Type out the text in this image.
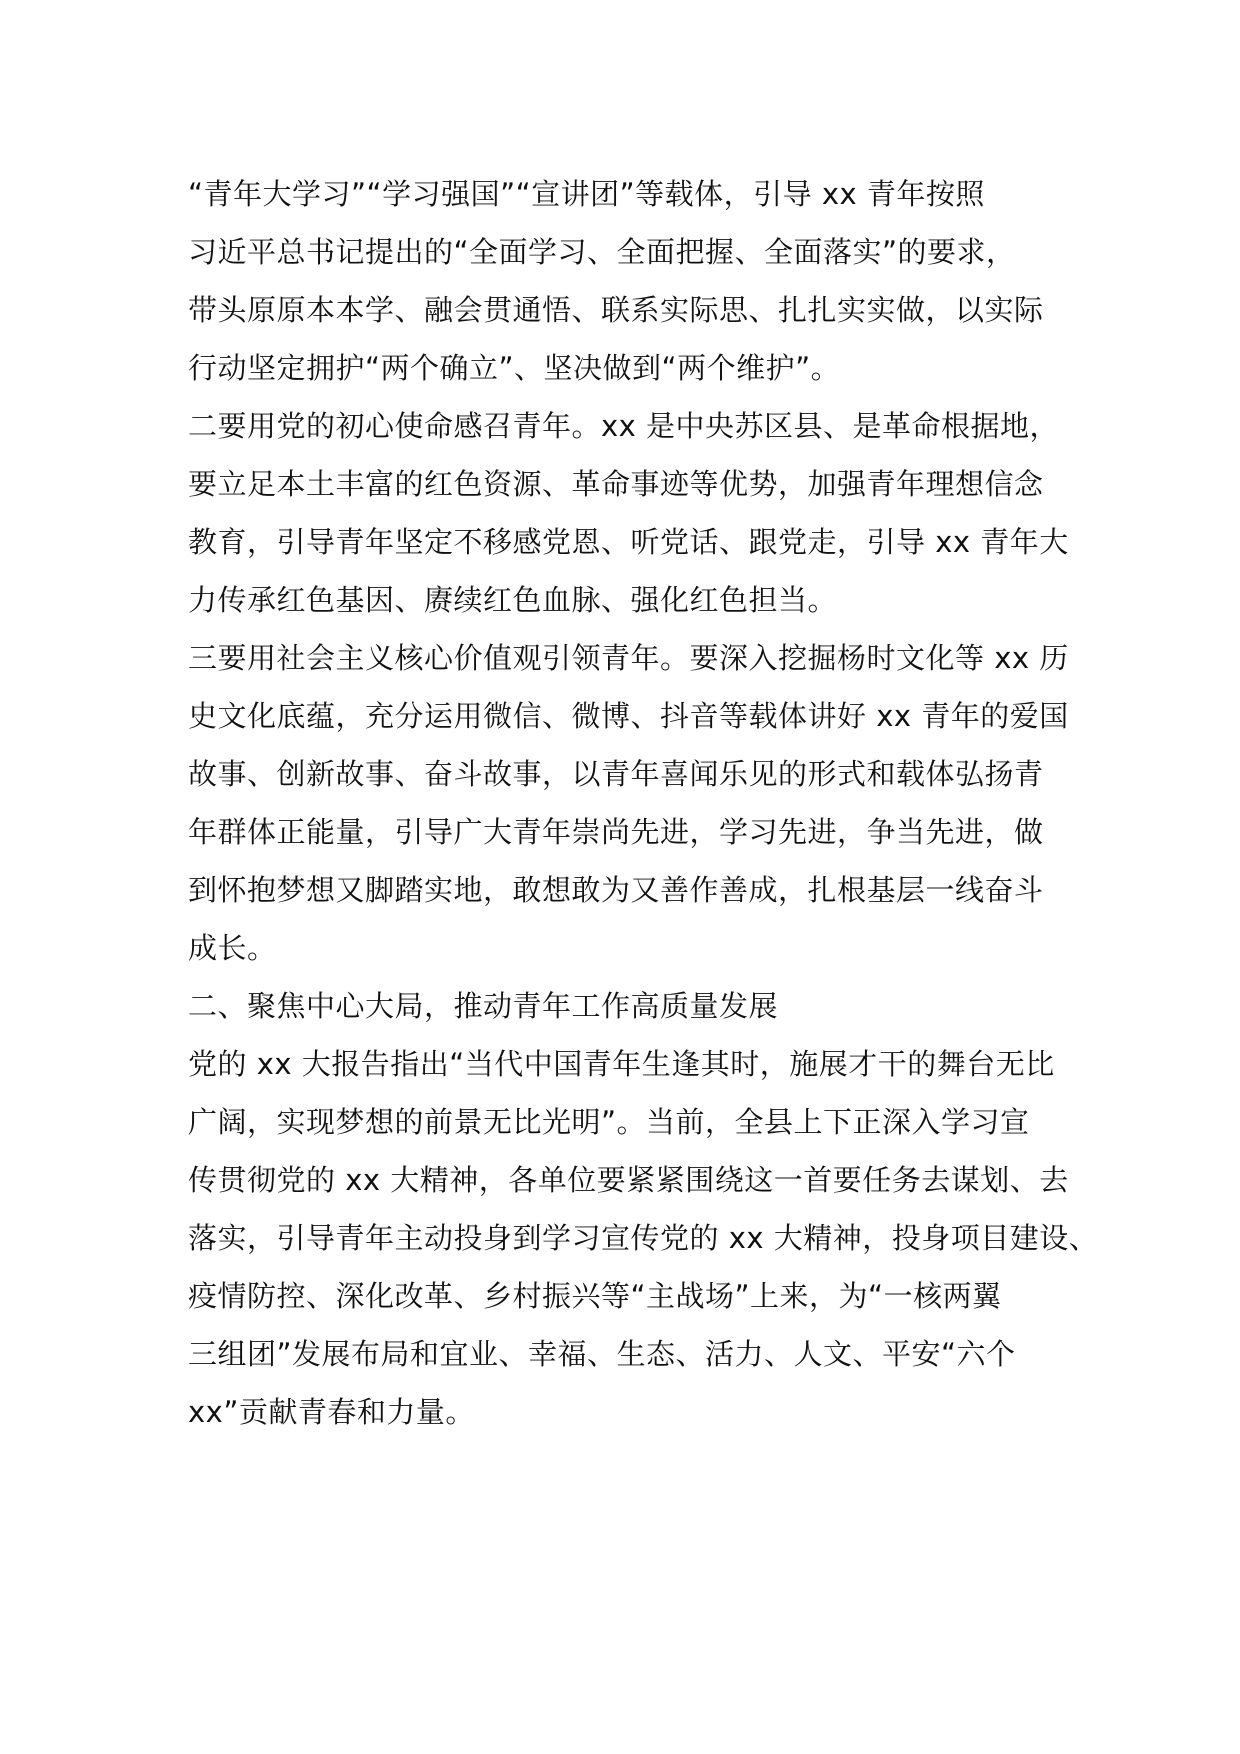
“青年大学习”“学习强国”“宣讲团”等载体，引导 xx 青年按照
习近平总书记提出的“全面学习、全面把握、全面落实”的要求，
带头原原本本学、融会贯通悟、联系实际思、扎扎实实做，以实际
行动坚定拥护“两个确立”、坚决做到“两个维护”。
二要用党的初心使命感召青年。xx 是中央苏区县、是革命根据地，
要立足本土丰富的红色资源、革命事迹等优势，加强青年理想信念
教育，引导青年坚定不移感党恩、听党话、跟党走，引导 xx 青年大
力传承红色基因、赓续红色血脉、强化红色担当。
三要用社会主义核心价值观引领青年。要深入挖掘杨时文化等 xx 历
史文化底蕴，充分运用微信、微博、抖音等载体讲好 xx 青年的爱国
故事、创新故事、奋斗故事，以青年喜闻乐见的形式和载体弘扬青
年群体正能量，引导广大青年崇尚先进，学习先进，争当先进，做
到怀抱梦想又脚踏实地，敢想敢为又善作善成，扎根基层一线奋斗
成长。
二、聚焦中心大局，推动青年工作高质量发展
党的 xx 大报告指出“当代中国青年生逢其时，施展才干的舞台无比
广阔，实现梦想的前景无比光明”。当前，全县上下正深入学习宣
传贯彻党的 xx 大精神，各单位要紧紧围绕这一首要任务去谋划、去
落实，引导青年主动投身到学习宣传党的 xx 大精神，投身项目建设、
疫情防控、深化改革、乡村振兴等“主战场”上来，为“一核两翼
三组团”发展布局和宜业、幸福、生态、活力、人文、平安“六个
xx”贡献青春和力量。
